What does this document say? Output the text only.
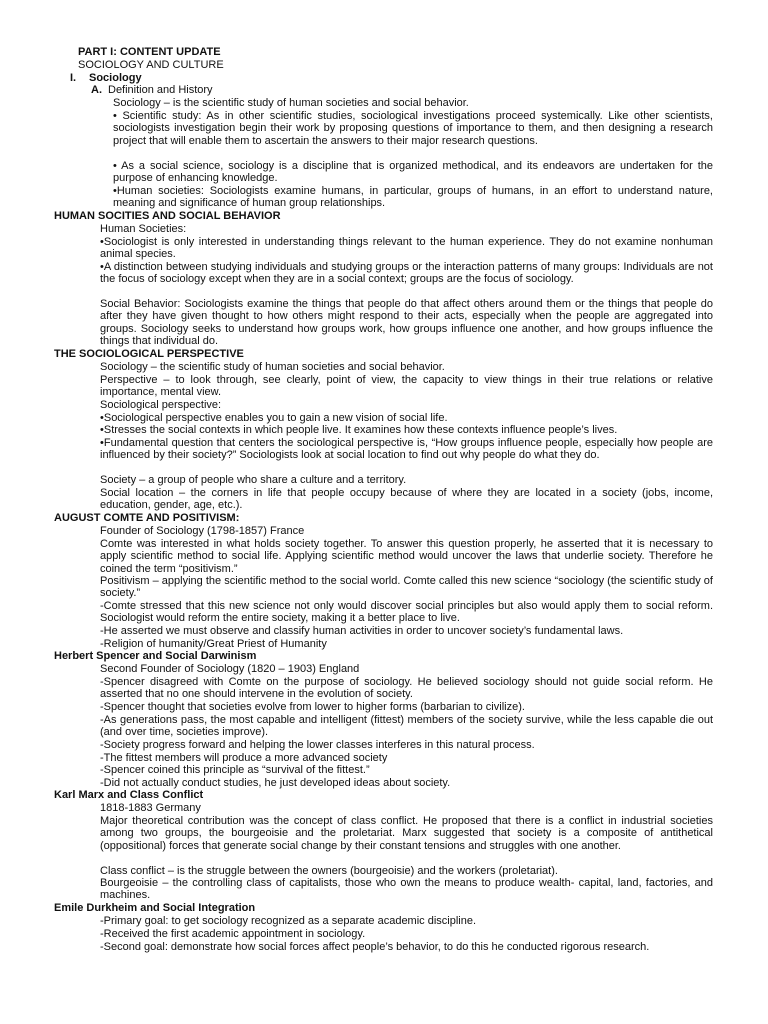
PART I: CONTENT UPDATE
SOCIOLOGY AND CULTURE
I. Sociology
A. Definition and History
Sociology – is the scientific study of human societies and social behavior.
• Scientific study: As in other scientific studies, sociological investigations proceed systemically. Like other scientists, sociologists investigation begin their work by proposing questions of importance to them, and then designing a research project that will enable them to ascertain the answers to their major research questions.
• As a social science, sociology is a discipline that is organized methodical, and its endeavors are undertaken for the purpose of enhancing knowledge.
•Human societies: Sociologists examine humans, in particular, groups of humans, in an effort to understand nature, meaning and significance of human group relationships.
HUMAN SOCITIES AND SOCIAL BEHAVIOR
Human Societies:
•Sociologist is only interested in understanding things relevant to the human experience. They do not examine nonhuman animal species.
•A distinction between studying individuals and studying groups or the interaction patterns of many groups: Individuals are not the focus of sociology except when they are in a social context; groups are the focus of sociology.
Social Behavior: Sociologists examine the things that people do that affect others around them or the things that people do after they have given thought to how others might respond to their acts, especially when the people are aggregated into groups. Sociology seeks to understand how groups work, how groups influence one another, and how groups influence the things that individual do.
THE SOCIOLOGICAL PERSPECTIVE
Sociology – the scientific study of human societies and social behavior.
Perspective – to look through, see clearly, point of view, the capacity to view things in their true relations or relative importance, mental view.
Sociological perspective:
•Sociological perspective enables you to gain a new vision of social life.
•Stresses the social contexts in which people live. It examines how these contexts influence people’s lives.
•Fundamental question that centers the sociological perspective is, “How groups influence people, especially how people are influenced by their society?” Sociologists look at social location to find out why people do what they do.
Society – a group of people who share a culture and a territory.
Social location – the corners in life that people occupy because of where they are located in a society (jobs, income, education, gender, age, etc.).
AUGUST COMTE AND POSITIVISM:
Founder of Sociology (1798-1857) France
Comte was interested in what holds society together. To answer this question properly, he asserted that it is necessary to apply scientific method to social life. Applying scientific method would uncover the laws that underlie society. Therefore he coined the term “positivism.”
Positivism – applying the scientific method to the social world. Comte called this new science “sociology (the scientific study of society.”
-Comte stressed that this new science not only would discover social principles but also would apply them to social reform. Sociologist would reform the entire society, making it a better place to live.
-He asserted we must observe and classify human activities in order to uncover society’s fundamental laws.
-Religion of humanity/Great Priest of Humanity
Herbert Spencer and Social Darwinism
Second Founder of Sociology (1820 – 1903) England
-Spencer disagreed with Comte on the purpose of sociology. He believed sociology should not guide social reform. He asserted that no one should intervene in the evolution of society.
-Spencer thought that societies evolve from lower to higher forms (barbarian to civilize).
-As generations pass, the most capable and intelligent (fittest) members of the society survive, while the less capable die out (and over time, societies improve).
-Society progress forward and helping the lower classes interferes in this natural process.
-The fittest members will produce a more advanced society
-Spencer coined this principle as “survival of the fittest.”
-Did not actually conduct studies, he just developed ideas about society.
Karl Marx and Class Conflict
1818-1883 Germany
Major theoretical contribution was the concept of class conflict. He proposed that there is a conflict in industrial societies among two groups, the bourgeoisie and the proletariat. Marx suggested that society is a composite of antithetical (oppositional) forces that generate social change by their constant tensions and struggles with one another.
Class conflict – is the struggle between the owners (bourgeoisie) and the workers (proletariat).
Bourgeoisie – the controlling class of capitalists, those who own the means to produce wealth- capital, land, factories, and machines.
Emile Durkheim and Social Integration
-Primary goal: to get sociology recognized as a separate academic discipline.
-Received the first academic appointment in sociology.
-Second goal: demonstrate how social forces affect people’s behavior, to do this he conducted rigorous research.
